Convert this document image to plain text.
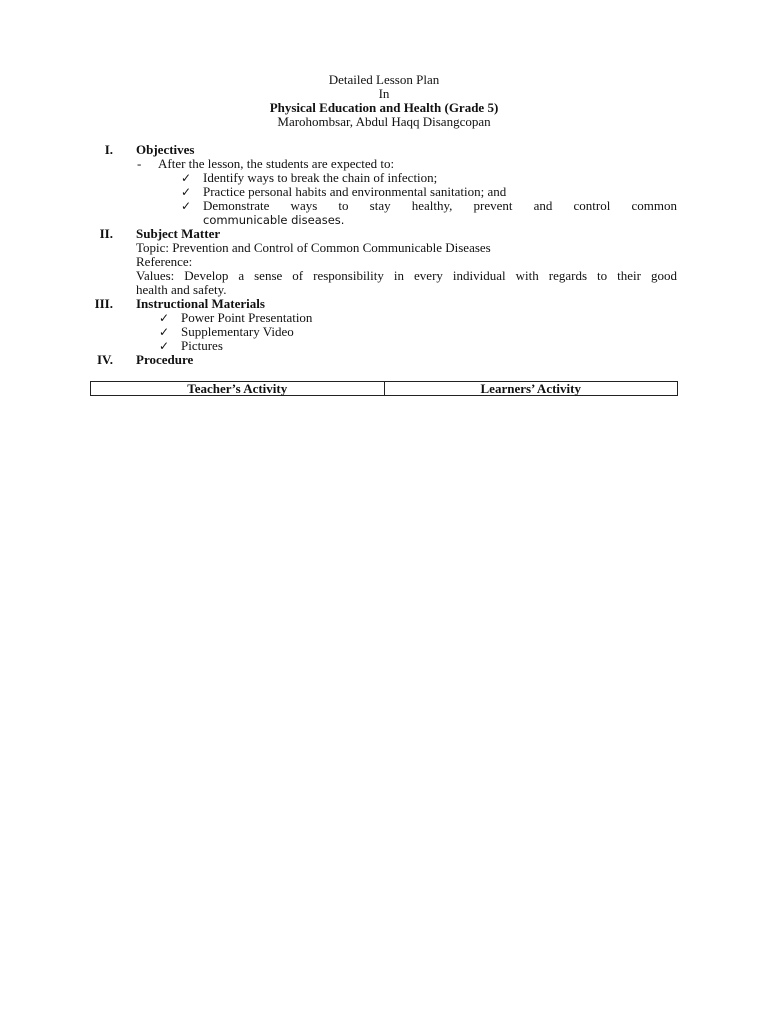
Detailed Lesson Plan
In
Physical Education and Health (Grade 5)
Marohombsar, Abdul Haqq Disangcopan
I. Objectives
- After the lesson, the students are expected to:
✓ Identify ways to break the chain of infection;
✓ Practice personal habits and environmental sanitation; and
✓ Demonstrate ways to stay healthy, prevent and control common
communicable diseases.
II. Subject Matter
Topic: Prevention and Control of Common Communicable Diseases
Reference:
Values: Develop a sense of responsibility in every individual with regards to their good
health and safety.
III. Instructional Materials
✓ Power Point Presentation
✓ Supplementary Video
✓ Pictures
IV. Procedure
Teacher’s Activity	Learners’ Activity
